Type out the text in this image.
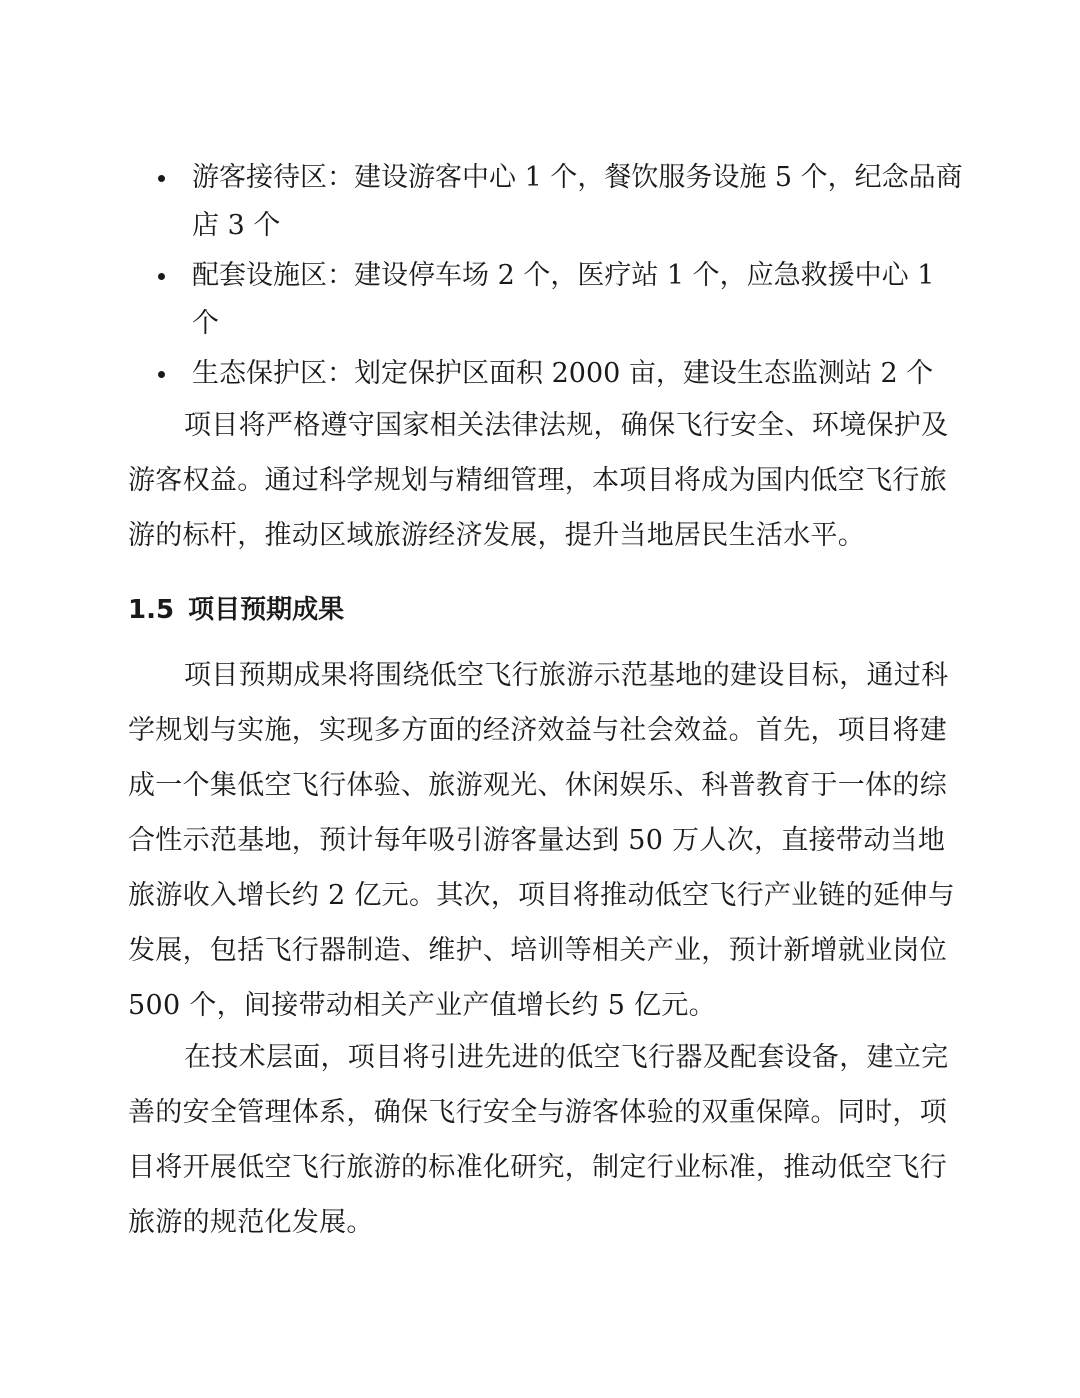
游客接待区：建设游客中心 1 个，餐饮服务设施 5 个，纪念品商店 3 个
配套设施区：建设停车场 2 个，医疗站 1 个，应急救援中心 1 个
生态保护区：划定保护区面积 2000 亩，建设生态监测站 2 个

项目将严格遵守国家相关法律法规，确保飞行安全、环境保护及游客权益。通过科学规划与精细管理，本项目将成为国内低空飞行旅游的标杆，推动区域旅游经济发展，提升当地居民生活水平。

1.5 项目预期成果

项目预期成果将围绕低空飞行旅游示范基地的建设目标，通过科学规划与实施，实现多方面的经济效益与社会效益。首先，项目将建成一个集低空飞行体验、旅游观光、休闲娱乐、科普教育于一体的综合性示范基地，预计每年吸引游客量达到 50 万人次，直接带动当地旅游收入增长约 2 亿元。其次，项目将推动低空飞行产业链的延伸与发展，包括飞行器制造、维护、培训等相关产业，预计新增就业岗位 500 个，间接带动相关产业产值增长约 5 亿元。

在技术层面，项目将引进先进的低空飞行器及配套设备，建立完善的安全管理体系，确保飞行安全与游客体验的双重保障。同时，项目将开展低空飞行旅游的标准化研究，制定行业标准，推动低空飞行旅游的规范化发展。
